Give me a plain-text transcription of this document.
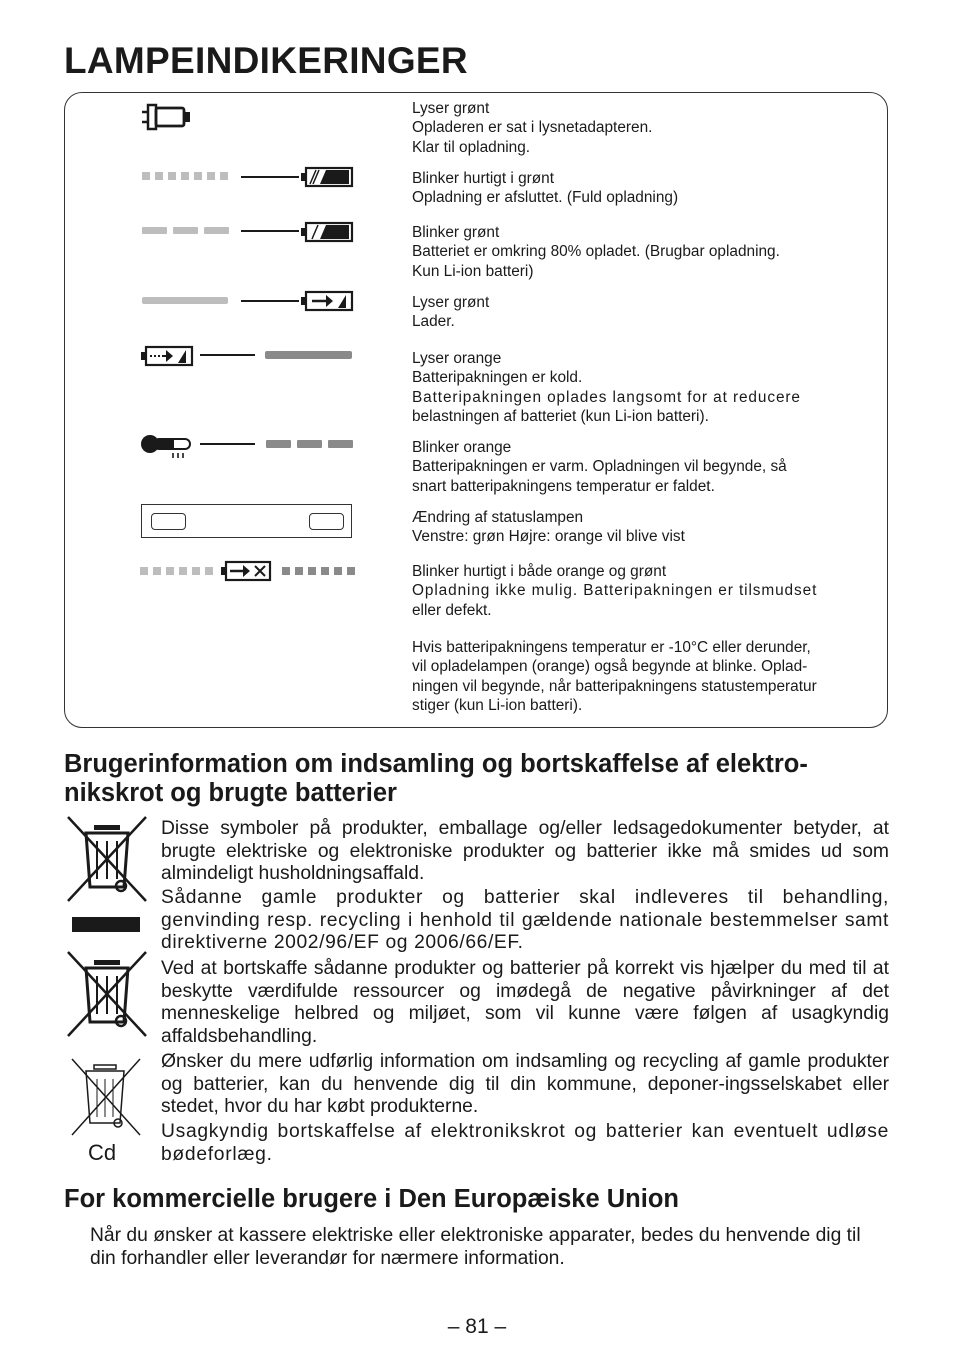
LAMPEINDIKERINGER
Lyser grønt
Opladeren er sat i lysnetadapteren.
Klar til opladning.
Blinker hurtigt i grønt
Opladning er afsluttet. (Fuld opladning)
Blinker grønt
Batteriet er omkring 80% opladet. (Brugbar opladning.
Kun Li-ion batteri)
Lyser grønt
Lader.
Lyser orange
Batteripakningen er kold.
Batteripakningen oplades langsomt for at reducere
belastningen af batteriet (kun Li-ion batteri).
Blinker orange
Batteripakningen er varm. Opladningen vil begynde, så
snart batteripakningens temperatur er faldet.
Ændring af statuslampen
Venstre: grøn Højre: orange vil blive vist
Blinker hurtigt i både orange og grønt
Opladning ikke mulig. Batteripakningen er tilsmudset
eller defekt.
Hvis batteripakningens temperatur er -10°C eller derunder,
vil opladelampen (orange) også begynde at blinke. Oplad-
ningen vil begynde, når batteripakningens statustemperatur
stiger (kun Li-ion batteri).
Brugerinformation om indsamling og bortskaffelse af elektro-
nikskrot og brugte batterier
Cd
Disse symboler på produkter, emballage og/eller ledsagedokumenter betyder, at brugte elektriske og elektroniske produkter og batterier ikke må smides ud som almindeligt husholdningsaffald.
Sådanne gamle produkter og batterier skal indleveres til behandling, genvinding resp. recycling i henhold til gældende nationale bestemmelser samt direktiverne 2002/96/EF og 2006/66/EF.
Ved at bortskaffe sådanne produkter og batterier på korrekt vis hjælper du med til at beskytte værdifulde ressourcer og imødegå de negative påvirkninger af det menneskelige helbred og miljøet, som vil kunne være følgen af usagkyndig affaldsbehandling.
Ønsker du mere udførlig information om indsamling og recycling af gamle produkter og batterier, kan du henvende dig til din kommune, deponer-ingsselskabet eller stedet, hvor du har købt produkterne.
Usagkyndig bortskaffelse af elektronikskrot og batterier kan eventuelt udløse bødeforlæg.
For kommercielle brugere i Den Europæiske Union
Når du ønsker at kassere elektriske eller elektroniske apparater, bedes du henvende dig til din forhandler eller leverandør for nærmere information.
– 81 –
